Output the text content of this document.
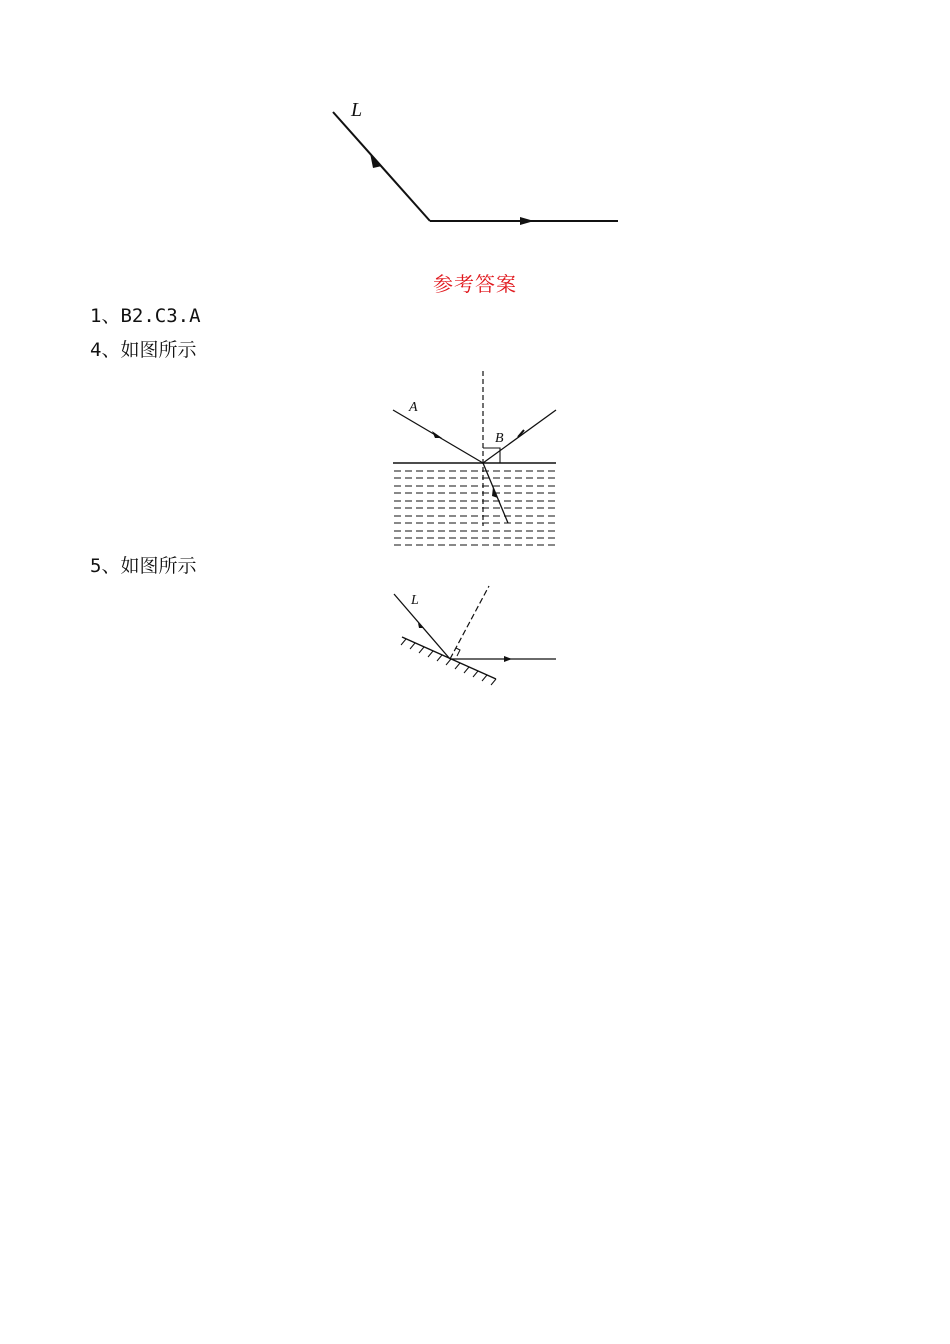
L
参考答案
1、B2.C3.A
4、如图所示
A
B
5、如图所示
L
